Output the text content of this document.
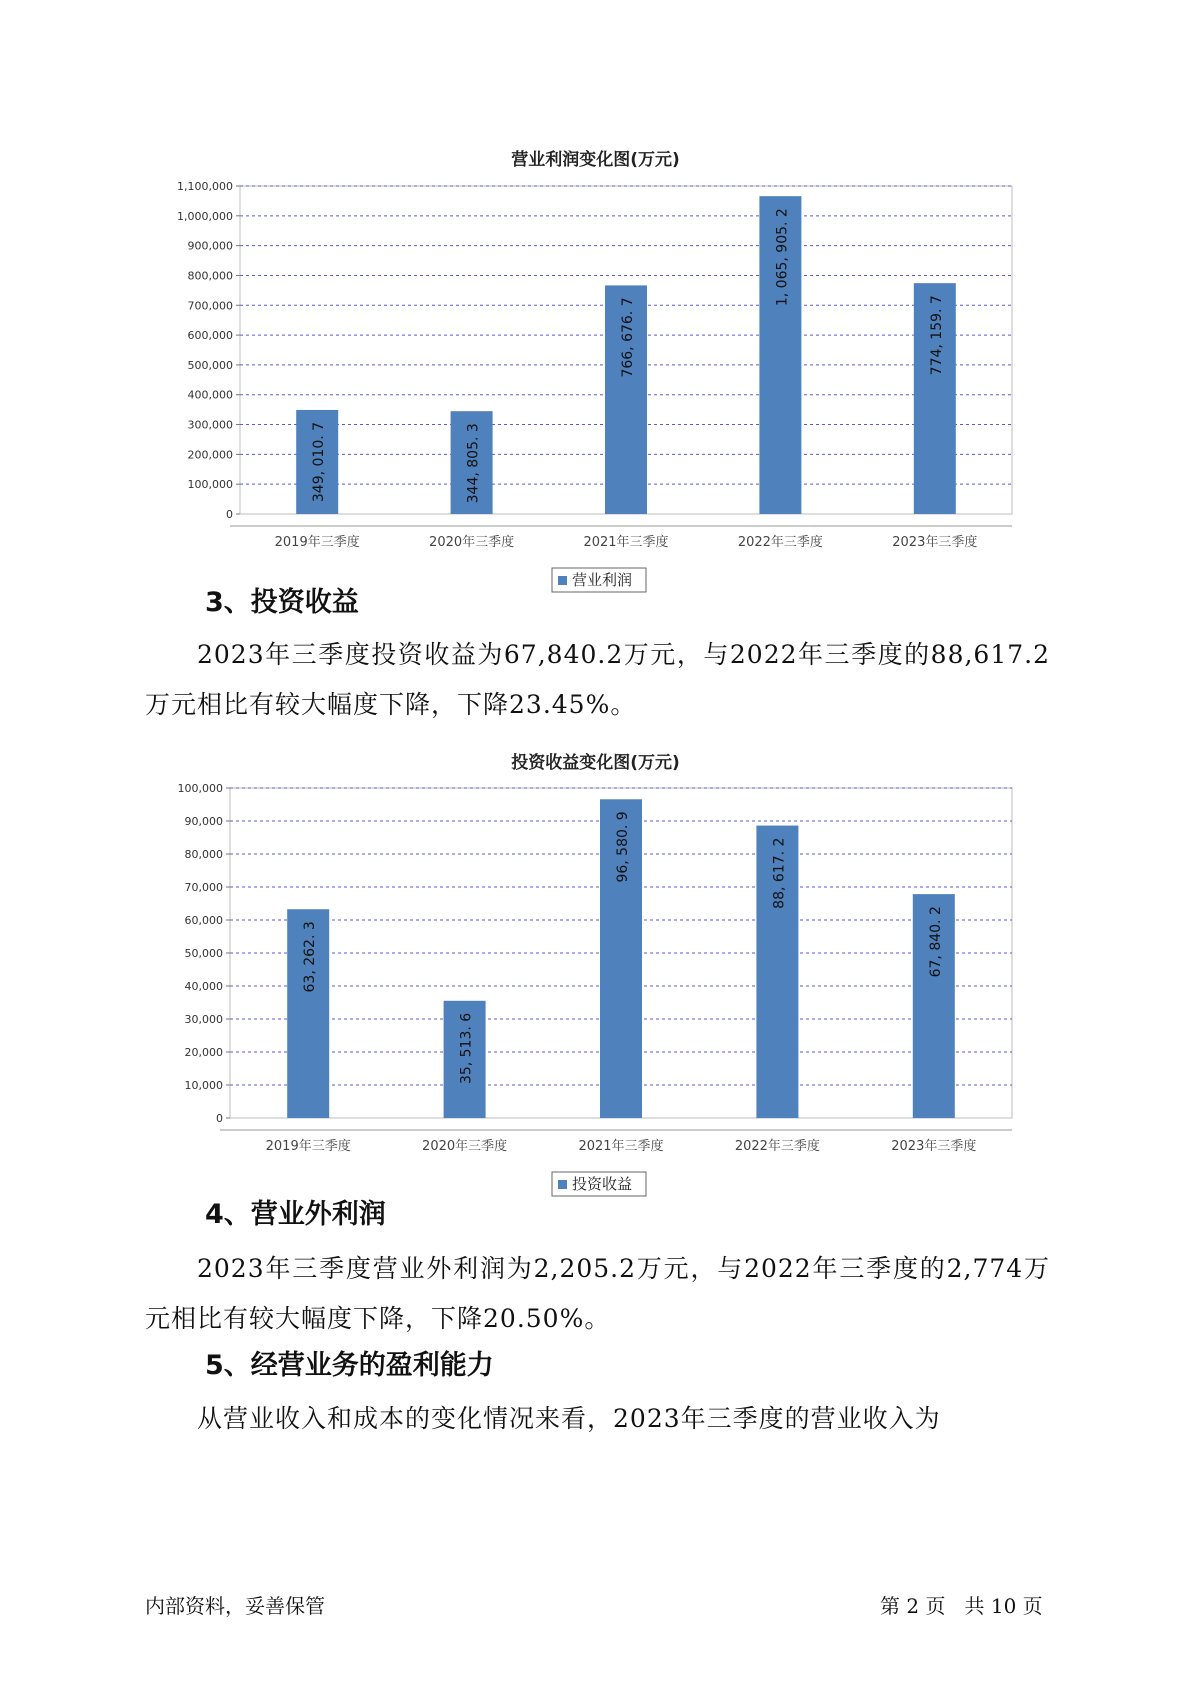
营业利润变化图(万元)
0
100,000
200,000
300,000
400,000
500,000
600,000
700,000
800,000
900,000
1,000,000
1,100,000
349, 010. 7
2019年三季度
344, 805. 3
2020年三季度
766, 676. 7
2021年三季度
1, 065, 905. 2
2022年三季度
774, 159. 7
2023年三季度
营业利润
3、投资收益

2023年三季度投资收益为67,840.2万元，与2022年三季度的88,617.2万元相比有较大幅度下降，下降23.45%。

投资收益变化图(万元)
0
10,000
20,000
30,000
40,000
50,000
60,000
70,000
80,000
90,000
100,000
63, 262. 3
2019年三季度
35, 513. 6
2020年三季度
96, 580. 9
2021年三季度
88, 617. 2
2022年三季度
67, 840. 2
2023年三季度
投资收益
4、营业外利润

2023年三季度营业外利润为2,205.2万元，与2022年三季度的2,774万元相比有较大幅度下降，下降20.50%。

5、经营业务的盈利能力

从营业收入和成本的变化情况来看，2023年三季度的营业收入为

内部资料，妥善保管	第 2 页   共 10 页
